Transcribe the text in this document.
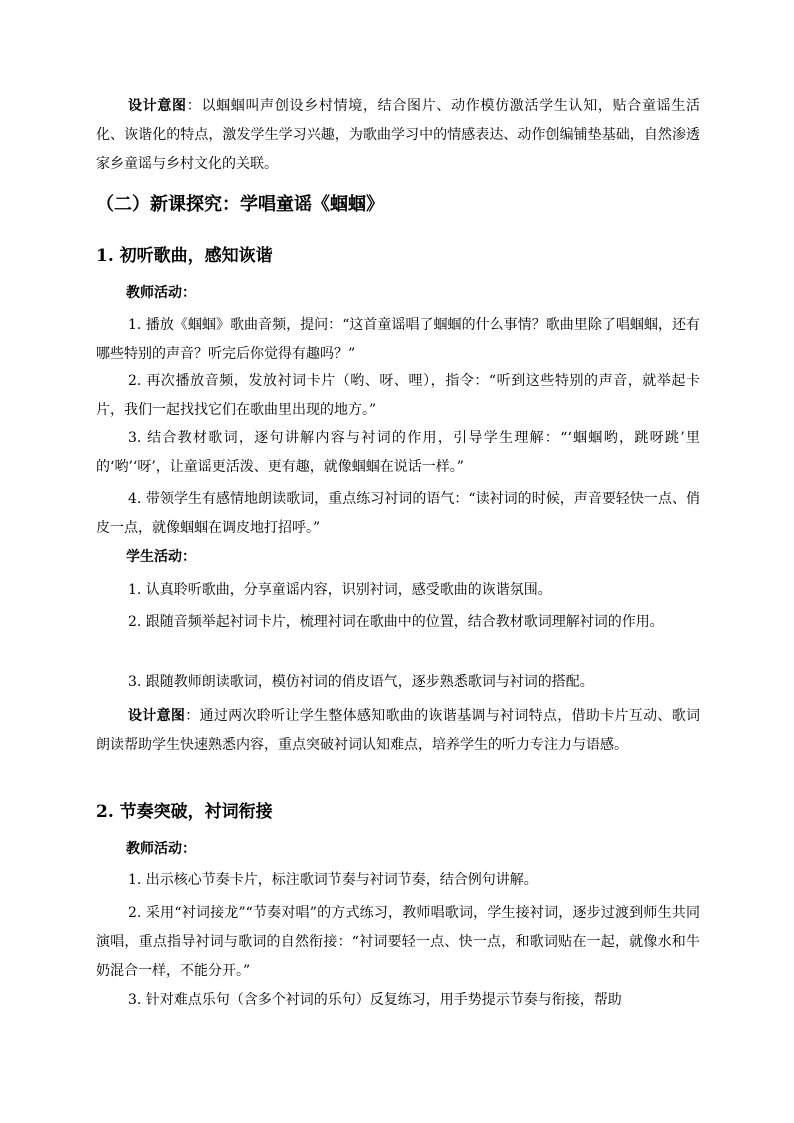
设计意图：以蝈蝈叫声创设乡村情境，结合图片、动作模仿激活学生认知，贴合童谣生活化、诙谐化的特点，激发学生学习兴趣，为歌曲学习中的情感表达、动作创编铺垫基础，自然渗透家乡童谣与乡村文化的关联。

（二）新课探究：学唱童谣《蝈蝈》
1. 初听歌曲，感知诙谐

教师活动：

1. 播放《蝈蝈》歌曲音频，提问：“这首童谣唱了蝈蝈的什么事情？歌曲里除了唱蝈蝈，还有哪些特别的声音？听完后你觉得有趣吗？”

2. 再次播放音频，发放衬词卡片（哟、呀、哩），指令：“听到这些特别的声音，就举起卡片，我们一起找找它们在歌曲里出现的地方。”

3. 结合教材歌词，逐句讲解内容与衬词的作用，引导学生理解：“‘蝈蝈哟，跳呀跳’里的‘哟’‘呀’，让童谣更活泼、更有趣，就像蝈蝈在说话一样。”

4. 带领学生有感情地朗读歌词，重点练习衬词的语气：“读衬词的时候，声音要轻快一点、俏皮一点，就像蝈蝈在调皮地打招呼。”

学生活动：

1. 认真聆听歌曲，分享童谣内容，识别衬词，感受歌曲的诙谐氛围。

2. 跟随音频举起衬词卡片，梳理衬词在歌曲中的位置，结合教材歌词理解衬词的作用。

3. 跟随教师朗读歌词，模仿衬词的俏皮语气，逐步熟悉歌词与衬词的搭配。

设计意图：通过两次聆听让学生整体感知歌曲的诙谐基调与衬词特点，借助卡片互动、歌词朗读帮助学生快速熟悉内容，重点突破衬词认知难点，培养学生的听力专注力与语感。

2. 节奏突破，衬词衔接

教师活动：

1. 出示核心节奏卡片，标注歌词节奏与衬词节奏，结合例句讲解。

2. 采用“衬词接龙”“节奏对唱”的方式练习，教师唱歌词，学生接衬词，逐步过渡到师生共同演唱，重点指导衬词与歌词的自然衔接：“衬词要轻一点、快一点，和歌词贴在一起，就像水和牛奶混合一样，不能分开。”

3. 针对难点乐句（含多个衬词的乐句）反复练习，用手势提示节奏与衔接，帮助
